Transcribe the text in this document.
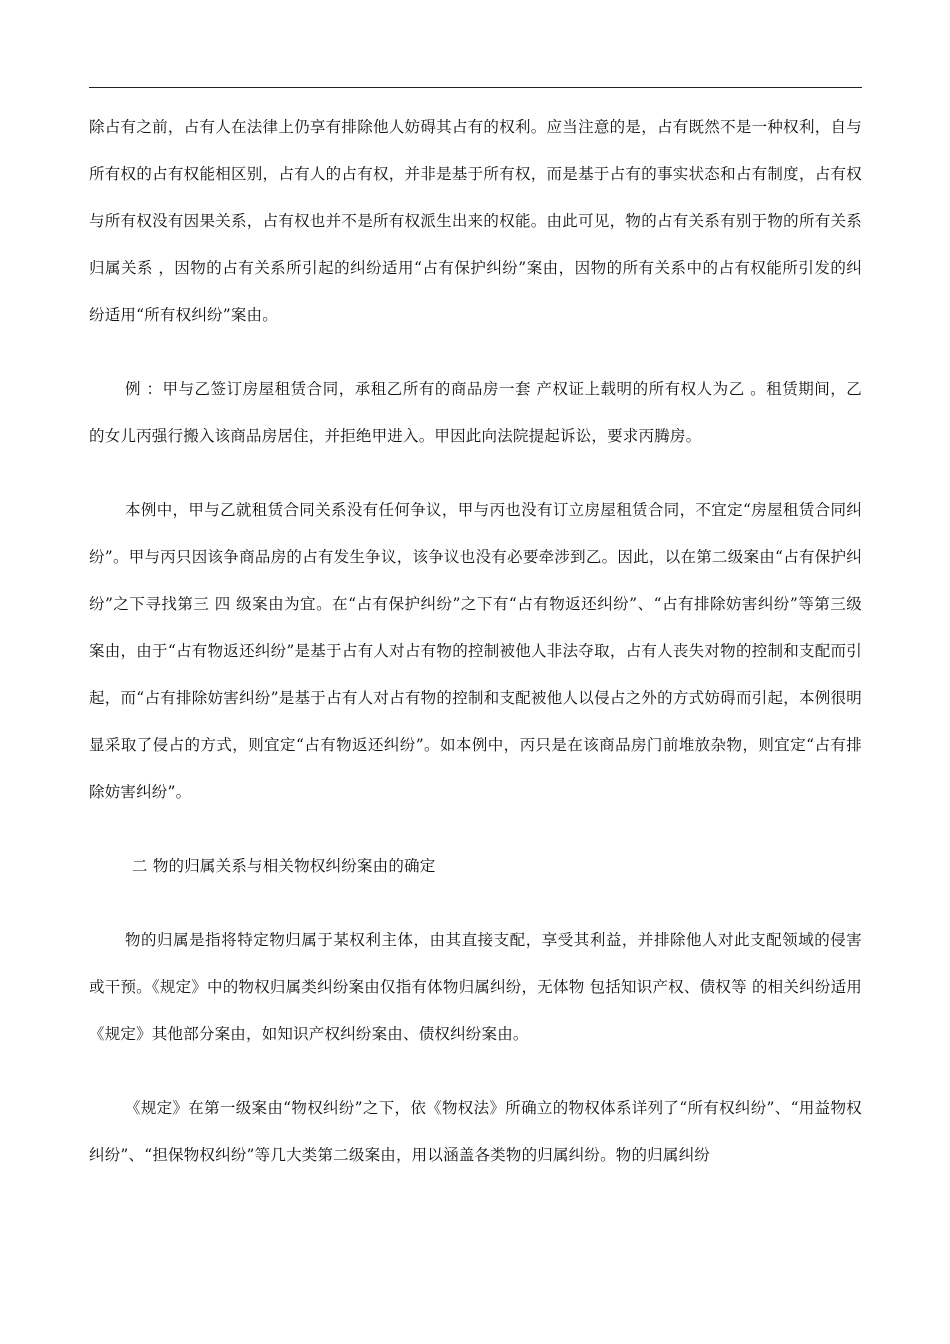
除占有之前，占有人在法律上仍享有排除他人妨碍其占有的权利。应当注意的是，占有既然不是一种权利，自与所有权的占有权能相区别，占有人的占有权，并非是基于所有权，而是基于占有的事实状态和占有制度，占有权与所有权没有因果关系，占有权也并不是所有权派生出来的权能。由此可见，物的占有关系有别于物的所有关系 归属关系 ，因物的占有关系所引起的纠纷适用“占有保护纠纷”案由，因物的所有关系中的占有权能所引发的纠纷适用“所有权纠纷”案由。

例 ：甲与乙签订房屋租赁合同，承租乙所有的商品房一套 产权证上载明的所有权人为乙 。租赁期间，乙的女儿丙强行搬入该商品房居住，并拒绝甲进入。甲因此向法院提起诉讼，要求丙腾房。

本例中，甲与乙就租赁合同关系没有任何争议，甲与丙也没有订立房屋租赁合同，不宜定“房屋租赁合同纠纷”。甲与丙只因该争商品房的占有发生争议，该争议也没有必要牵涉到乙。因此，以在第二级案由“占有保护纠纷”之下寻找第三 四 级案由为宜。在“占有保护纠纷”之下有“占有物返还纠纷”、“占有排除妨害纠纷”等第三级案由，由于“占有物返还纠纷”是基于占有人对占有物的控制被他人非法夺取，占有人丧失对物的控制和支配而引起，而“占有排除妨害纠纷”是基于占有人对占有物的控制和支配被他人以侵占之外的方式妨碍而引起，本例很明显采取了侵占的方式，则宜定“占有物返还纠纷”。如本例中，丙只是在该商品房门前堆放杂物，则宜定“占有排除妨害纠纷”。

二 物的归属关系与相关物权纠纷案由的确定

物的归属是指将特定物归属于某权利主体，由其直接支配，享受其利益，并排除他人对此支配领域的侵害或干预。《规定》中的物权归属类纠纷案由仅指有体物归属纠纷，无体物 包括知识产权、债权等 的相关纠纷适用《规定》其他部分案由，如知识产权纠纷案由、债权纠纷案由。

《规定》在第一级案由“物权纠纷”之下，依《物权法》所确立的物权体系详列了“所有权纠纷”、“用益物权纠纷”、“担保物权纠纷”等几大类第二级案由，用以涵盖各类物的归属纠纷。物的归属纠纷
